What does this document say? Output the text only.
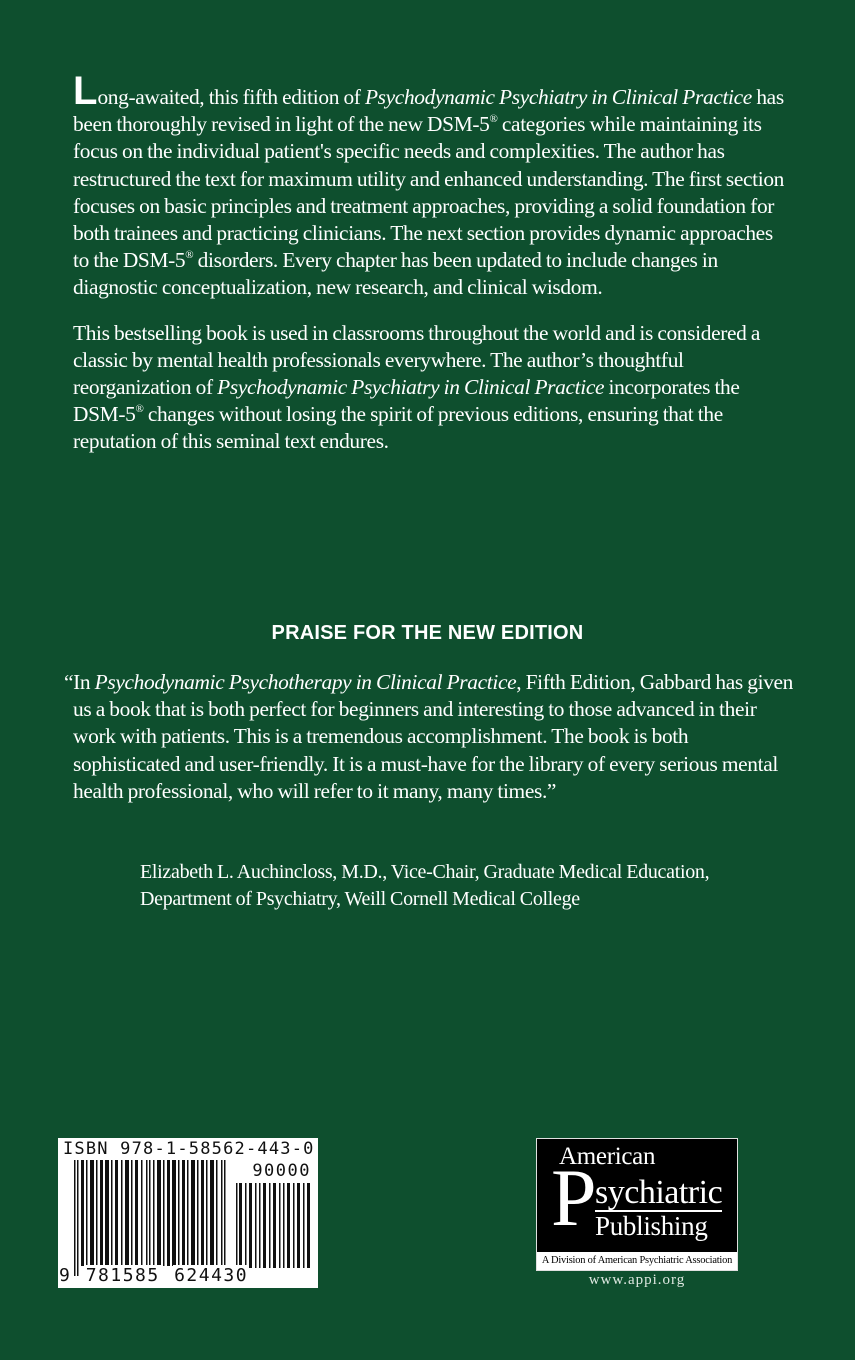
Long-awaited, this fifth edition of Psychodynamic Psychiatry in Clinical Practice has been thoroughly revised in light of the new DSM-5® categories while maintaining its focus on the individual patient's specific needs and complexities. The author has restructured the text for maximum utility and enhanced understanding. The first section focuses on basic principles and treatment approaches, providing a solid foundation for both trainees and practicing clinicians. The next section provides dynamic approaches to the DSM-5® disorders. Every chapter has been updated to include changes in diagnostic conceptualization, new research, and clinical wisdom.

This bestselling book is used in classrooms throughout the world and is considered a classic by mental health professionals everywhere. The author’s thoughtful reorganization of Psychodynamic Psychiatry in Clinical Practice incorporates the DSM-5® changes without losing the spirit of previous editions, ensuring that the reputation of this seminal text endures.

PRAISE FOR THE NEW EDITION

“In Psychodynamic Psychotherapy in Clinical Practice, Fifth Edition, Gabbard has given us a book that is both perfect for beginners and interesting to those advanced in their work with patients. This is a tremendous accomplishment. The book is both sophisticated and user-friendly. It is a must-have for the library of every serious mental health professional, who will refer to it many, many times.”

Elizabeth L. Auchincloss, M.D., Vice-Chair, Graduate Medical Education, Department of Psychiatry, Weill Cornell Medical College
ISBN 978-1-58562-443-0
90000
9 781585 624430
American
P
sychiatric
Publishing
A Division of American Psychiatric Association
www.appi.org
